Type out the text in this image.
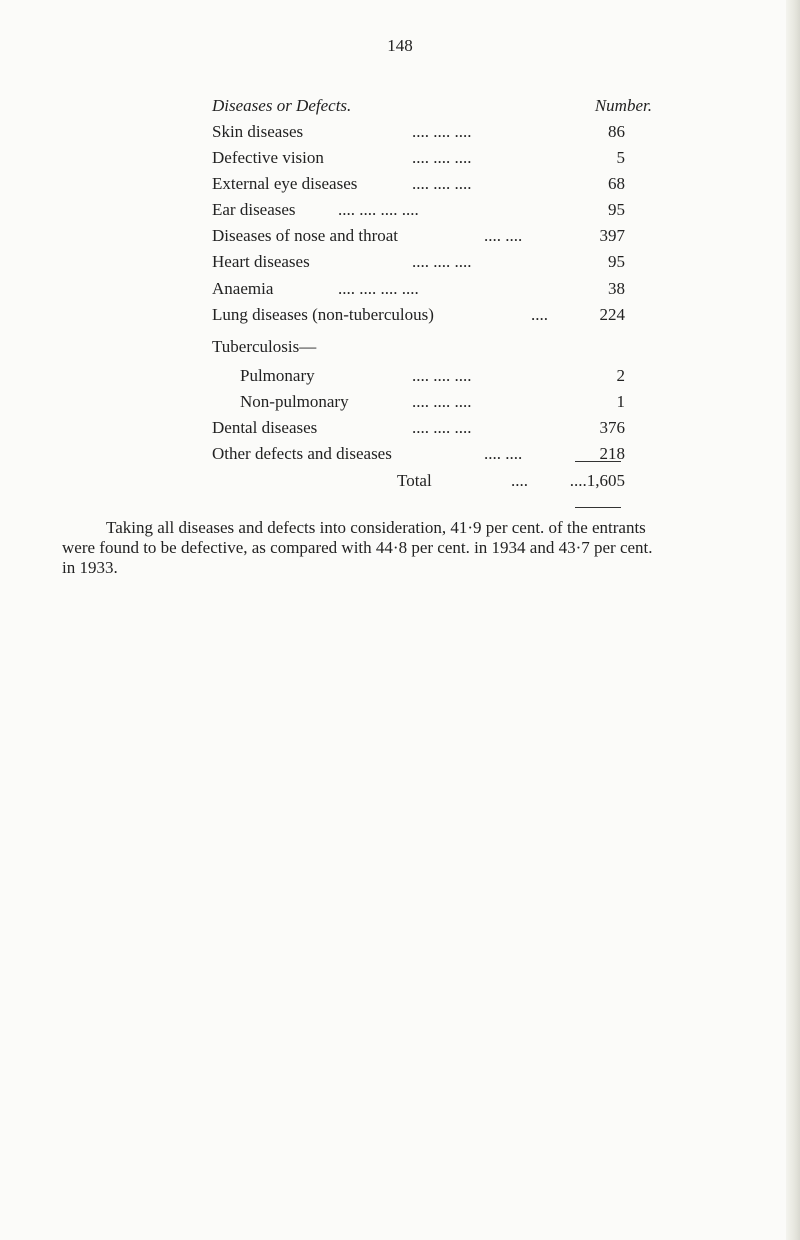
148
Diseases or Defects.	Number.
Skin diseases	.... .... ....	86
Defective vision	.... .... ....	5
External eye diseases	.... .... ....	68
Ear diseases .... .... .... ....	95
Diseases of nose and throat	.... ....	397
Heart diseases	.... .... ....	95
Anaemia	.... .... .... ....	38
Lung diseases (non-tuberculous)	....	224
Tuberculosis—
Pulmonary	.... .... ....	2
Non-pulmonary	.... .... ....	1
Dental diseases	.... .... ....	376
Other defects and diseases	.... ....	218
Total	.... ....1,605
Taking all diseases and defects into consideration, 41·9 per cent. of the entrants
were found to be defective, as compared with 44·8 per cent. in 1934 and 43·7 per cent.
in 1933.
